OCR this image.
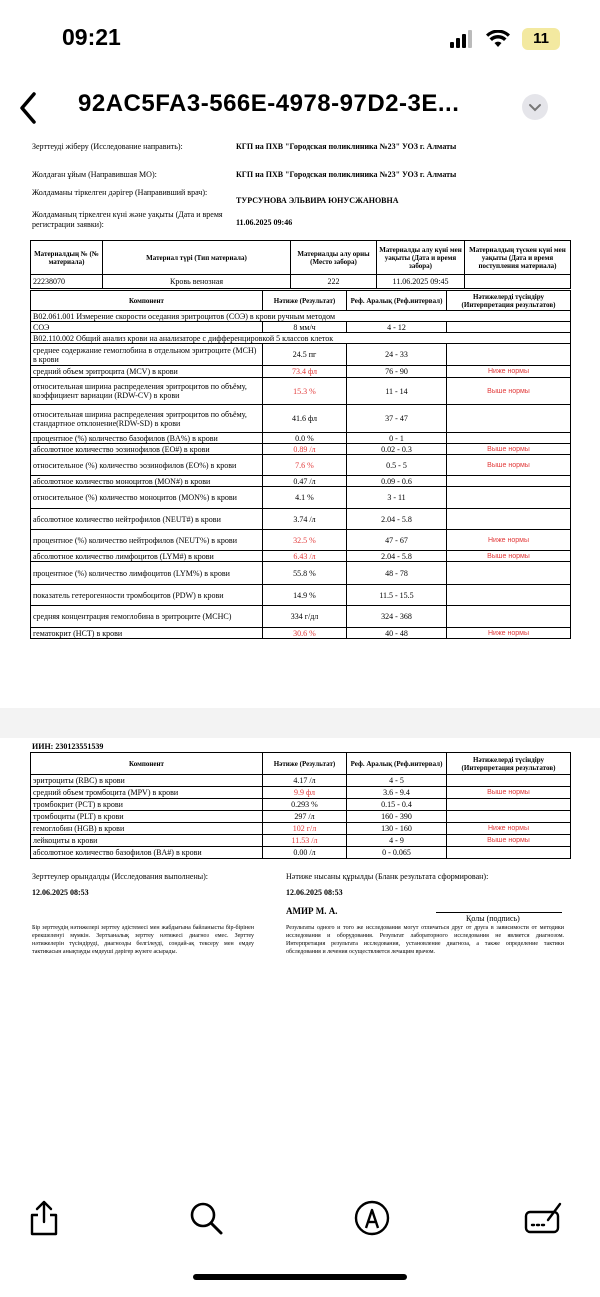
09:21	11
92AC5FA3-566E-4978-97D2-3E...
Зерттеуді жіберу (Исследование направить):	КГП на ПХВ "Городская поликлиника №23" УОЗ г. Алматы
Жолдаған ұйым (Направившая МО):	КГП на ПХВ "Городская поликлиника №23" УОЗ г. Алматы
Жолдаманы тіркелген дәрігер (Направивший врач):
ТУРСУНОВА ЭЛЬВИРА ЮНУСЖАНОВНА
Жолдаманың тіркелген күні және уақыты (Дата и время регистрации заявки):	11.06.2025 09:46
Материалдың № (№ материала)	Материал түрі (Тип материала)	Материалды алу орны (Место забора)	Материалды алу күні мен уақыты (Дата и время забора)	Материалдың түскен күні мен уақыты (Дата и время поступления материала)
22238070	Кровь венозная	222	11.06.2025 09:45	
Компонент	Нәтиже (Результат)	Реф. Аралық (Реф.интервал)	Нәтижелерді түсіндіру (Интерпретация результатов)
B02.061.001 Измерение скорости оседания эритроцитов (СОЭ) в крови ручным методом			
СОЭ	8 мм/ч	4 - 12	
B02.110.002 Общий анализ крови на анализаторе с дифференцировкой 5 классов клеток			
среднее содержание гемоглобина в отдельном эритроците (MCH) в крови	24.5 пг	24 - 33	
средний объем эритроцита (MCV) в крови	73.4 фл	76 - 90	Ниже нормы
относительная ширина распределения эритроцитов по объёму, коэффициент вариации (RDW-CV) в крови	15.3 %	11 - 14	Выше нормы
относительная ширина распределения эритроцитов по объёму, стандартное отклонение(RDW-SD) в крови	41.6 фл	37 - 47	
процентное (%) количество базофилов (BA%) в крови	0.0 %	0 - 1	
абсолютное количество эозинофилов (EO#) в крови	0.89 /л	0.02 - 0.3	Выше нормы
относительное (%) количество эозинофилов (EO%) в крови	7.6 %	0.5 - 5	Выше нормы
абсолютное количество моноцитов (MON#) в крови	0.47 /л	0.09 - 0.6	
относительное (%) количество моноцитов (MON%) в крови	4.1 %	3 - 11	
абсолютное количество нейтрофилов (NEUT#) в крови	3.74 /л	2.04 - 5.8	
процентное (%) количество нейтрофилов (NEUT%) в крови	32.5 %	47 - 67	Ниже нормы
абсолютное количество лимфоцитов (LYM#) в крови	6.43 /л	2.04 - 5.8	Выше нормы
процентное (%) количество лимфоцитов (LYM%) в крови	55.8 %	48 - 78	
показатель гетерогенности тромбоцитов (PDW) в крови	14.9 %	11.5 - 15.5	
средняя концентрация гемоглобина в эритроците (MCHC)	334 г/дл	324 - 368	
гематокрит (HCT) в крови	30.6 %	40 - 48	Ниже нормы
ИИН: 230123551539
Компонент	Нәтиже (Результат)	Реф. Аралық (Реф.интервал)	Нәтижелерді түсіндіру (Интерпретация результатов)
эритроциты (RBC) в крови	4.17 /л	4 - 5	
средний объем тромбоцита (MPV) в крови	9.9 фл	3.6 - 9.4	Выше нормы
тромбокрит (PCT) в крови	0.293 %	0.15 - 0.4	
тромбоциты (PLT) в крови	297 /л	160 - 390	
гемоглобин (HGB) в крови	102 г/л	130 - 160	Ниже нормы
лейкоциты в крови	11.53 /л	4 - 9	Выше нормы
абсолютное количество базофилов (BA#) в крови	0.00 /л	0 - 0.065	
Зерттеулер орындалды (Исследования выполнены):
12.06.2025 08:53
Нәтиже нысаны құрылды (Бланк результата сформирован):
12.06.2025 08:53
АМИР М. А.
Қолы (подпись)
Бір зерттеудің нәтижелері зерттеу әдістемесі мен жабдығына байланысты бір-бірінен ерекшеленуі мүмкін. Зертханалық зерттеу нәтижесі диагноз емес. Зерттеу нәтижелерін түсіндіруді, диагнозды белгілеуді, сондай-ақ тексеру мен емдеу тактикасын анықтауды емдеуші дәрігер жүзеге асырады.
Результаты одного и того же исследования могут отличаться друг от друга в зависимости от методики исследования и оборудования. Результат лабораторного исследования не является диагнозом. Интерпретация результата исследования, установление диагноза, а также определение тактики обследования и лечения осуществляется лечащим врачом.
